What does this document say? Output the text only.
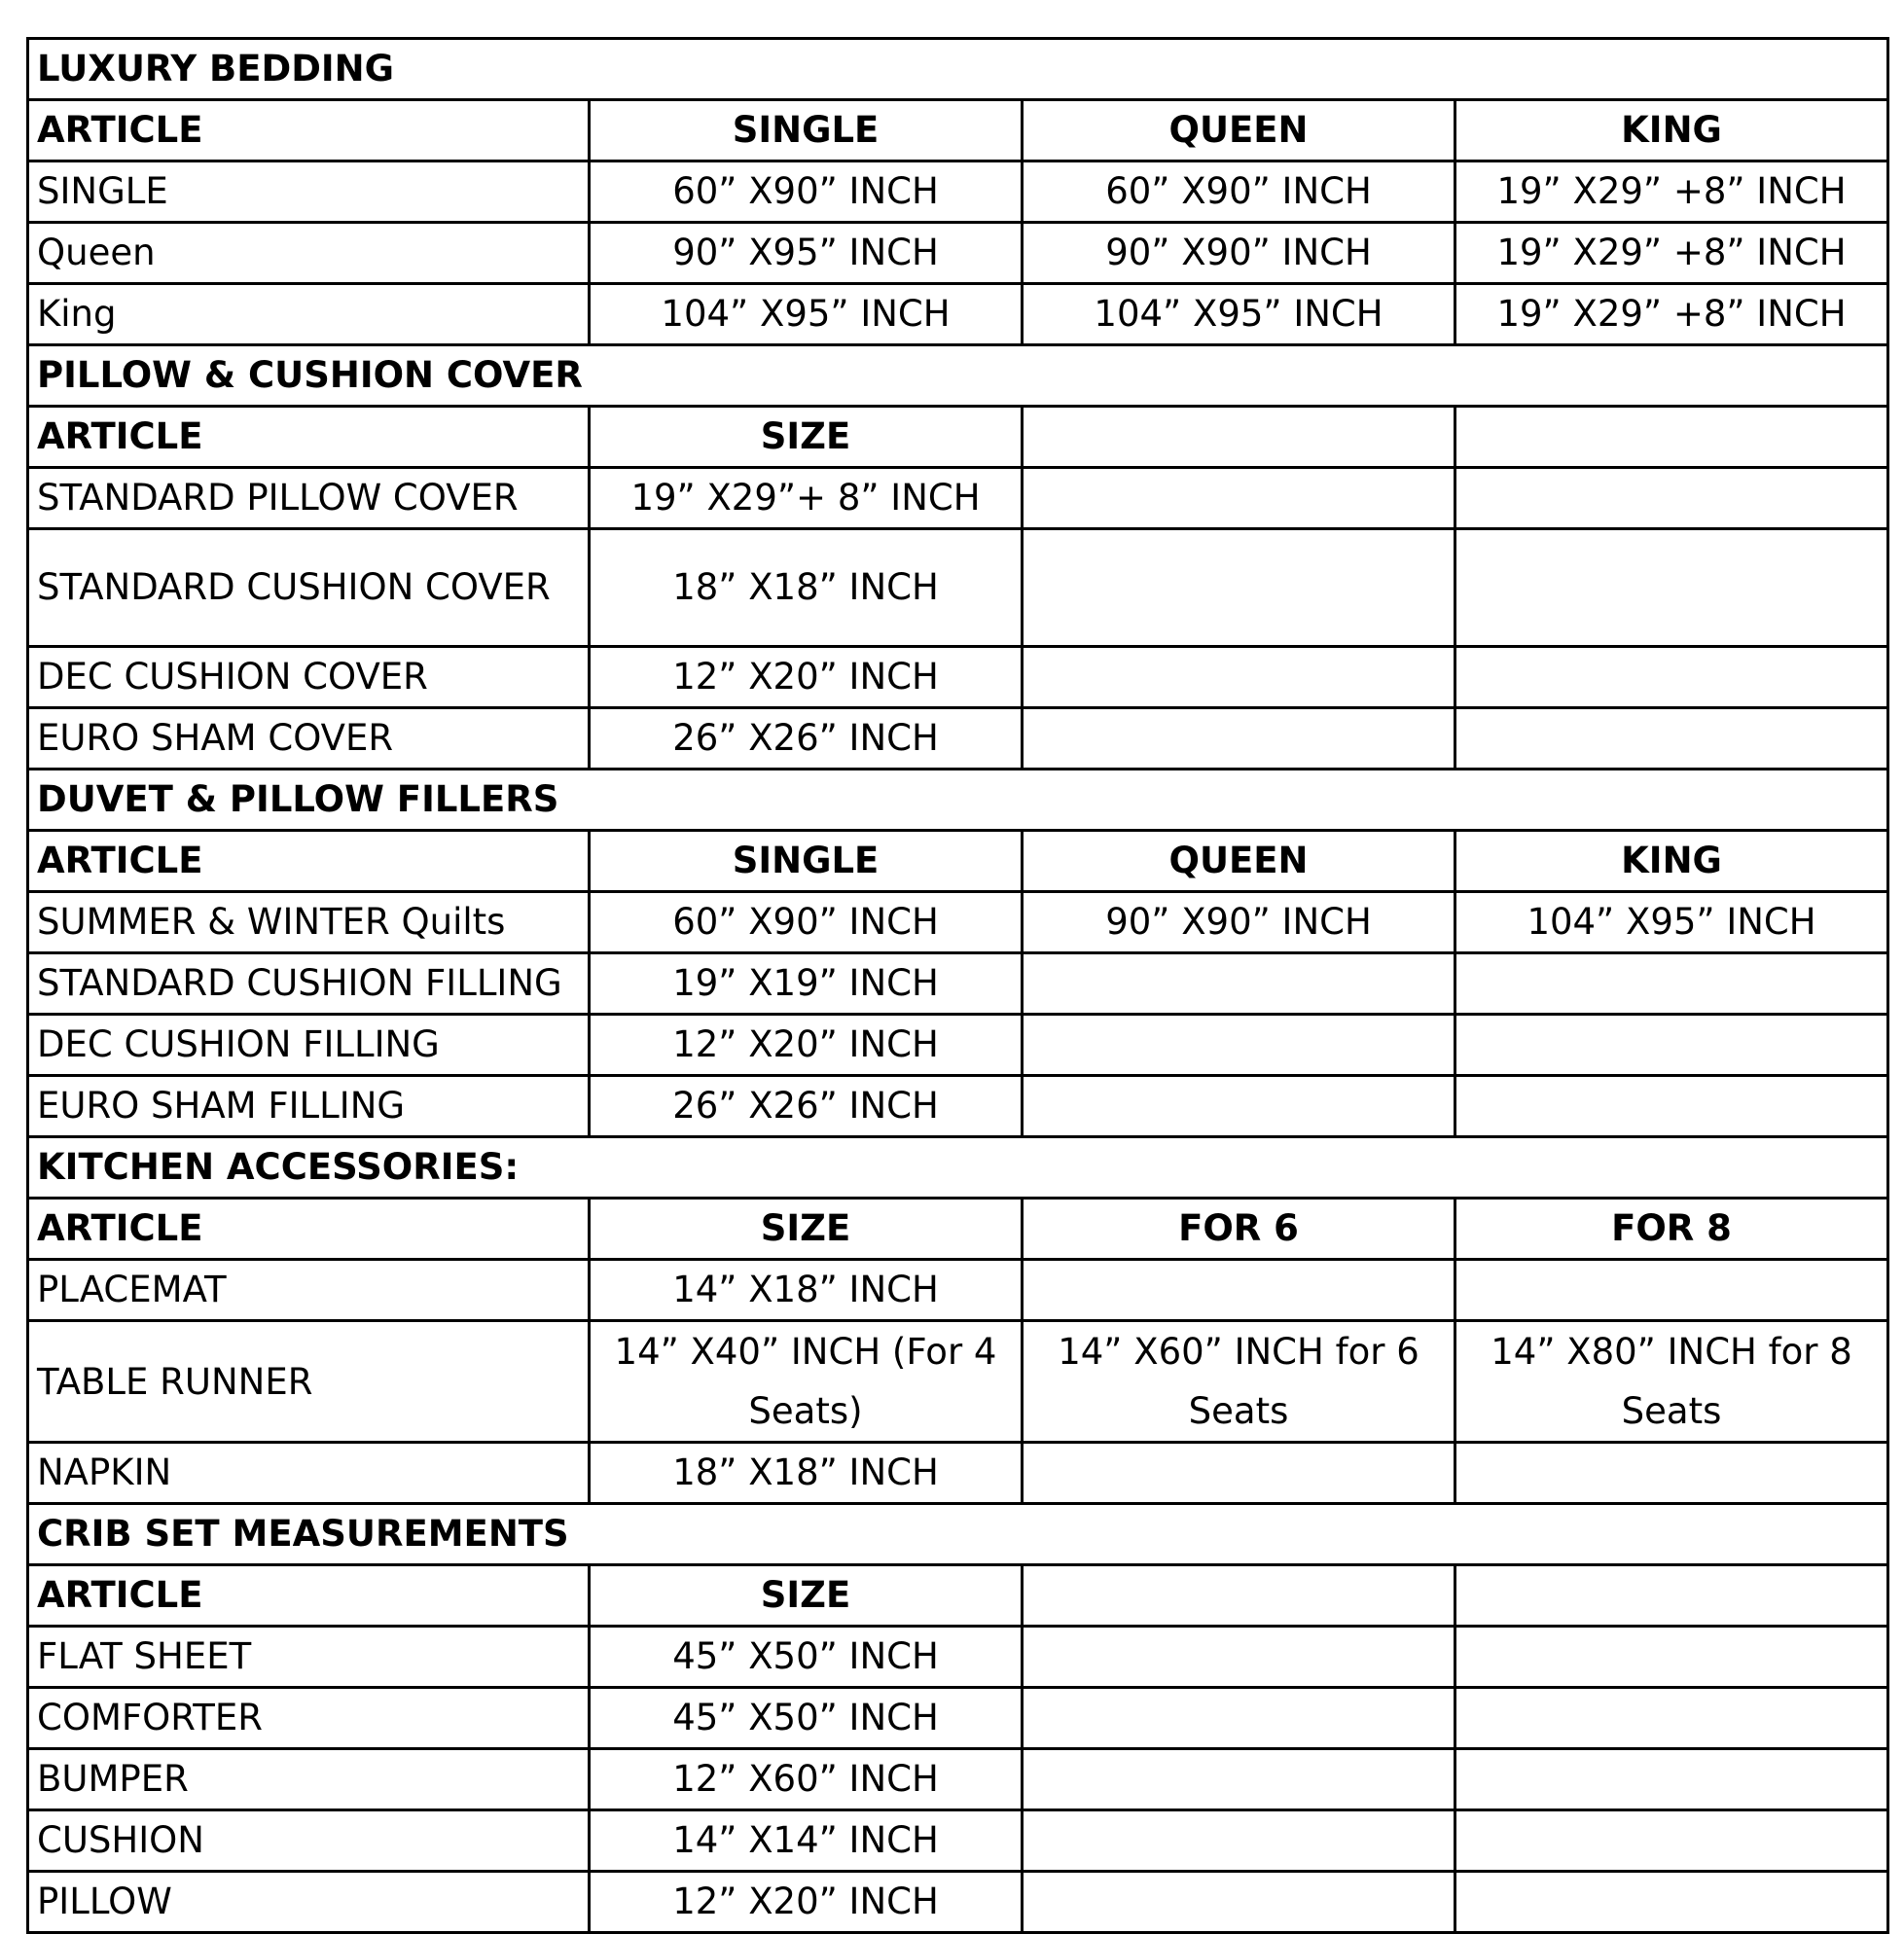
LUXURY BEDDING			
ARTICLE	SINGLE	QUEEN	KING
SINGLE	60” X90” INCH	60” X90” INCH	19” X29” +8” INCH
Queen	90” X95” INCH	90” X90” INCH	19” X29” +8” INCH
King	104” X95” INCH	104” X95” INCH	19” X29” +8” INCH
PILLOW & CUSHION COVER			
ARTICLE	SIZE		
STANDARD PILLOW COVER	19” X29”+ 8” INCH		
STANDARD CUSHION COVER	18” X18” INCH		
DEC CUSHION COVER	12” X20” INCH		
EURO SHAM COVER	26” X26” INCH		
DUVET & PILLOW FILLERS			
ARTICLE	SINGLE	QUEEN	KING
SUMMER & WINTER Quilts	60” X90” INCH	90” X90” INCH	104” X95” INCH
STANDARD CUSHION FILLING	19” X19” INCH		
DEC CUSHION FILLING	12” X20” INCH		
EURO SHAM FILLING	26” X26” INCH		
KITCHEN ACCESSORIES:			
ARTICLE	SIZE	FOR 6	FOR 8
PLACEMAT	14” X18” INCH		
TABLE RUNNER	14” X40” INCH (For 4 Seats)	14” X60” INCH for 6 Seats	14” X80” INCH for 8 Seats
NAPKIN	18” X18” INCH		
CRIB SET MEASUREMENTS			
ARTICLE	SIZE		
FLAT SHEET	45” X50” INCH		
COMFORTER	45” X50” INCH		
BUMPER	12” X60” INCH		
CUSHION	14” X14” INCH		
PILLOW	12” X20” INCH		
